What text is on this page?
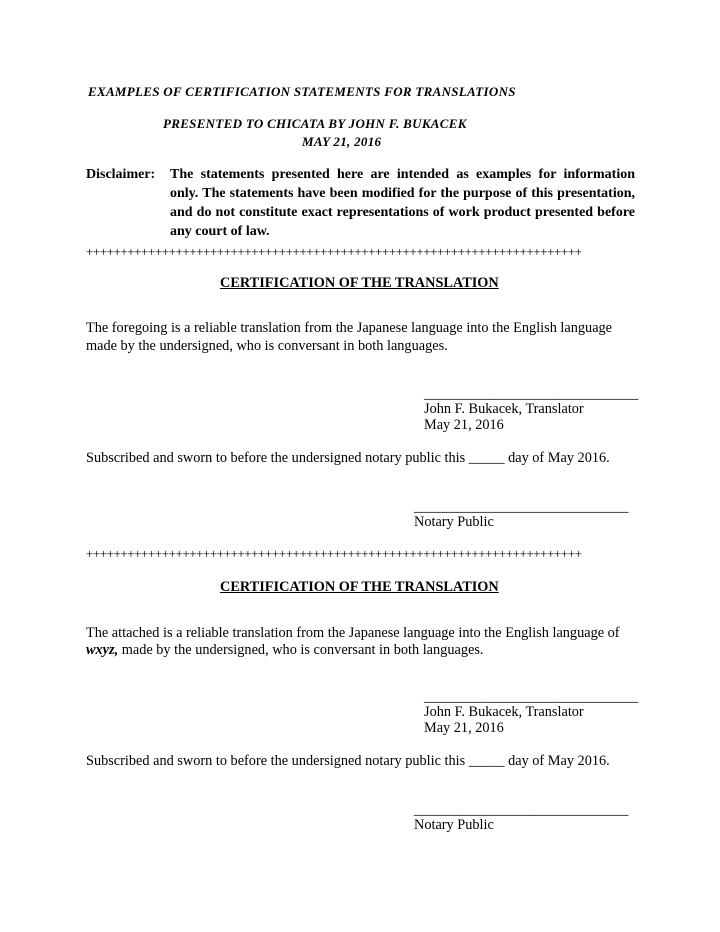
EXAMPLES OF CERTIFICATION STATEMENTS FOR TRANSLATIONS
PRESENTED TO CHICATA BY JOHN F. BUKACEK
MAY 21, 2016
Disclaimer: The statements presented here are intended as examples for information
only. The statements have been modified for the purpose of this presentation,
and do not constitute exact representations of work product presented before
any court of law.
++++++++++++++++++++++++++++++++++++++++++++++++++++++++++++++++++++++++
CERTIFICATION OF THE TRANSLATION
The foregoing is a reliable translation from the Japanese language into the English language
made by the undersigned, who is conversant in both languages.
______________________________
John F. Bukacek, Translator
May 21, 2016
Subscribed and sworn to before the undersigned notary public this _____ day of May 2016.
______________________________
Notary Public
++++++++++++++++++++++++++++++++++++++++++++++++++++++++++++++++++++++++
CERTIFICATION OF THE TRANSLATION
The attached is a reliable translation from the Japanese language into the English language of
wxyz, made by the undersigned, who is conversant in both languages.
______________________________
John F. Bukacek, Translator
May 21, 2016
Subscribed and sworn to before the undersigned notary public this _____ day of May 2016.
______________________________
Notary Public
